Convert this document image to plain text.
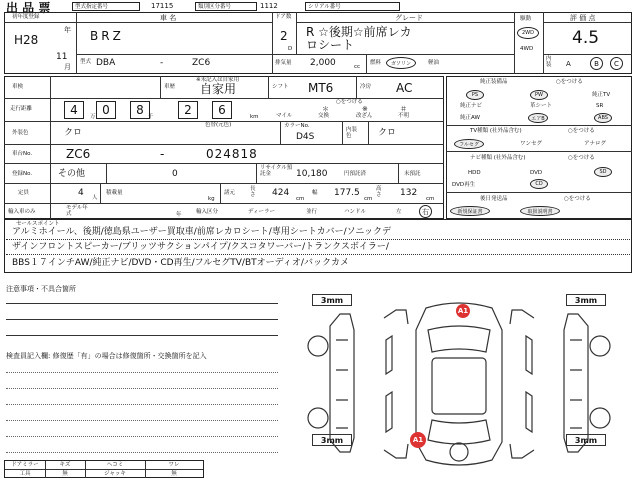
出 品 票	型式指定番号	17115	類別区分番号	1112	シリアル番号
初年度登録
H28
年
11
月
車 名
BRZ
ドア数
2
D
グレード
R ☆後期☆前席レカ
ロシート
駆動
2WD
4WD
評 価 点
4.5
型式 DBA	-	ZC6	排気量 2,000	cc
燃料	ガソリン	軽油
内装	A	B	C
車検
※未記入は自家用
車歴 自家用	シフト MT6	冷房 AC
走行距離	4	0	8	2	6
万	千	km
○をつける
＊	※	＃
マイル	交換	改ざん	不明
外装色	クロ
色替(元色)	カラーNo.
D4S
内装色	クロ
車台No.	ZC6	-	024818
登録No.	その他	0
リサイクル預託金	10,180	円預託済	未預託
定員	4 人
積載量
kg
諸元
長さ	424
cm
幅 177.5
cm
高さ	132
cm
輸入車のみ
モデル年式	年	輸入区分	ディーラー	並行	ハンドル	左	右
純正装備品	○をつける
PS	PW	純正TV
純正ナビ	革シート	SR
純正AW	エアB	ABS
TV種類 (社外品含む)	○をつける
フルセグ	ワンセグ	アナログ
ナビ種類 (社外品含む)	○をつける
HDD	DVD	SD
DVD再生	CD
後日発送品	○をつける
新規保証書	取扱説明書
セールスポイント
アルミホイール、後期/徳島県ユーザー買取車/前席レカロシート/専用シートカバー/ソニックデ
ザインフロントスピーカー/ブリッツサクションパイプ/クスコタワーバー/トランクスボイラー/
BBS１７インチAW/純正ナビ/DVD・CD再生/フルセグTV/BTオーディオ/バックカメ
注意事項・不具合箇所
検査員記入欄: 修復歴「有」の場合は修復箇所・交換箇所を記入
3mm	3mm
3mm	3mm
A1
A1
ドアミラー	キズ	ヘコミ	ワレ
工具	無	ジャッキ	無
